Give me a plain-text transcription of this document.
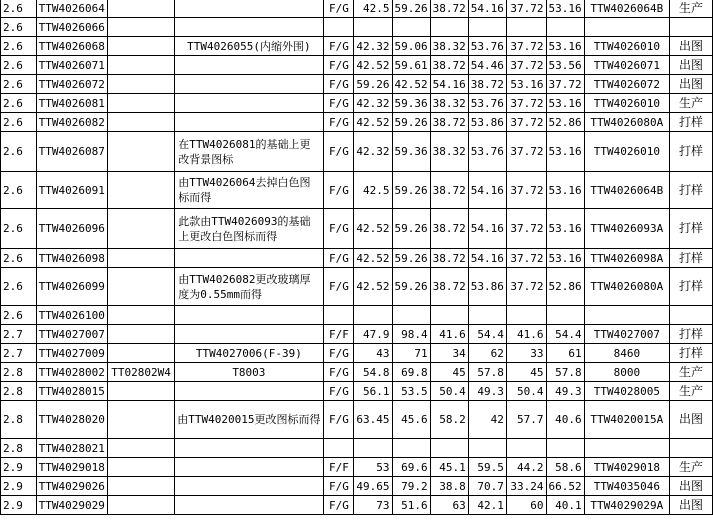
2.6	TTW4026064			F/G	42.5	59.26	38.72	54.16	37.72	53.16	TTW4026064B	生产
2.6	TTW4026066											
2.6	TTW4026068		TTW4026055(内缩外围)	F/G	42.32	59.06	38.32	53.76	37.72	53.16	TTW4026010	出图
2.6	TTW4026071			F/G	42.52	59.61	38.72	54.46	37.72	53.56	TTW4026071	出图
2.6	TTW4026072			F/G	59.26	42.52	54.16	38.72	53.16	37.72	TTW4026072	出图
2.6	TTW4026081			F/G	42.32	59.36	38.32	53.76	37.72	53.16	TTW4026010	生产
2.6	TTW4026082			F/G	42.52	59.26	38.72	53.86	37.72	52.86	TTW4026080A	打样
2.6	TTW4026087		在TTW4026081的基础上更改背景图标	F/G	42.32	59.36	38.32	53.76	37.72	53.16	TTW4026010	打样
2.6	TTW4026091		由TTW4026064去掉白色图标而得	F/G	42.5	59.26	38.72	54.16	37.72	53.16	TTW4026064B	打样
2.6	TTW4026096		此款由TTW4026093的基础上更改白色图标而得	F/G	42.52	59.26	38.72	54.16	37.72	53.16	TTW4026093A	打样
2.6	TTW4026098			F/G	42.52	59.26	38.72	54.16	37.72	53.16	TTW4026098A	打样
2.6	TTW4026099		由TTW4026082更改玻璃厚度为0.55mm而得	F/G	42.52	59.26	38.72	53.86	37.72	52.86	TTW4026080A	打样
2.6	TTW4026100											
2.7	TTW4027007			F/F	47.9	98.4	41.6	54.4	41.6	54.4	TTW4027007	打样
2.7	TTW4027009		TTW4027006(F-39)	F/G	43	71	34	62	33	61	8460	打样
2.8	TTW4028002	TT02802W4	T8003	F/G	54.8	69.8	45	57.8	45	57.8	8000	生产
2.8	TTW4028015			F/G	56.1	53.5	50.4	49.3	50.4	49.3	TTW4028005	生产
2.8	TTW4028020		由TTW4020015更改图标而得	F/G	63.45	45.6	58.2	42	57.7	40.6	TTW4020015A	出图
2.8	TTW4028021											
2.9	TTW4029018			F/F	53	69.6	45.1	59.5	44.2	58.6	TTW4029018	生产
2.9	TTW4029026			F/G	49.65	79.2	38.8	70.7	33.24	66.52	TTW4035046	出图
2.9	TTW4029029			F/G	73	51.6	63	42.1	60	40.1	TTW4029029A	出图
